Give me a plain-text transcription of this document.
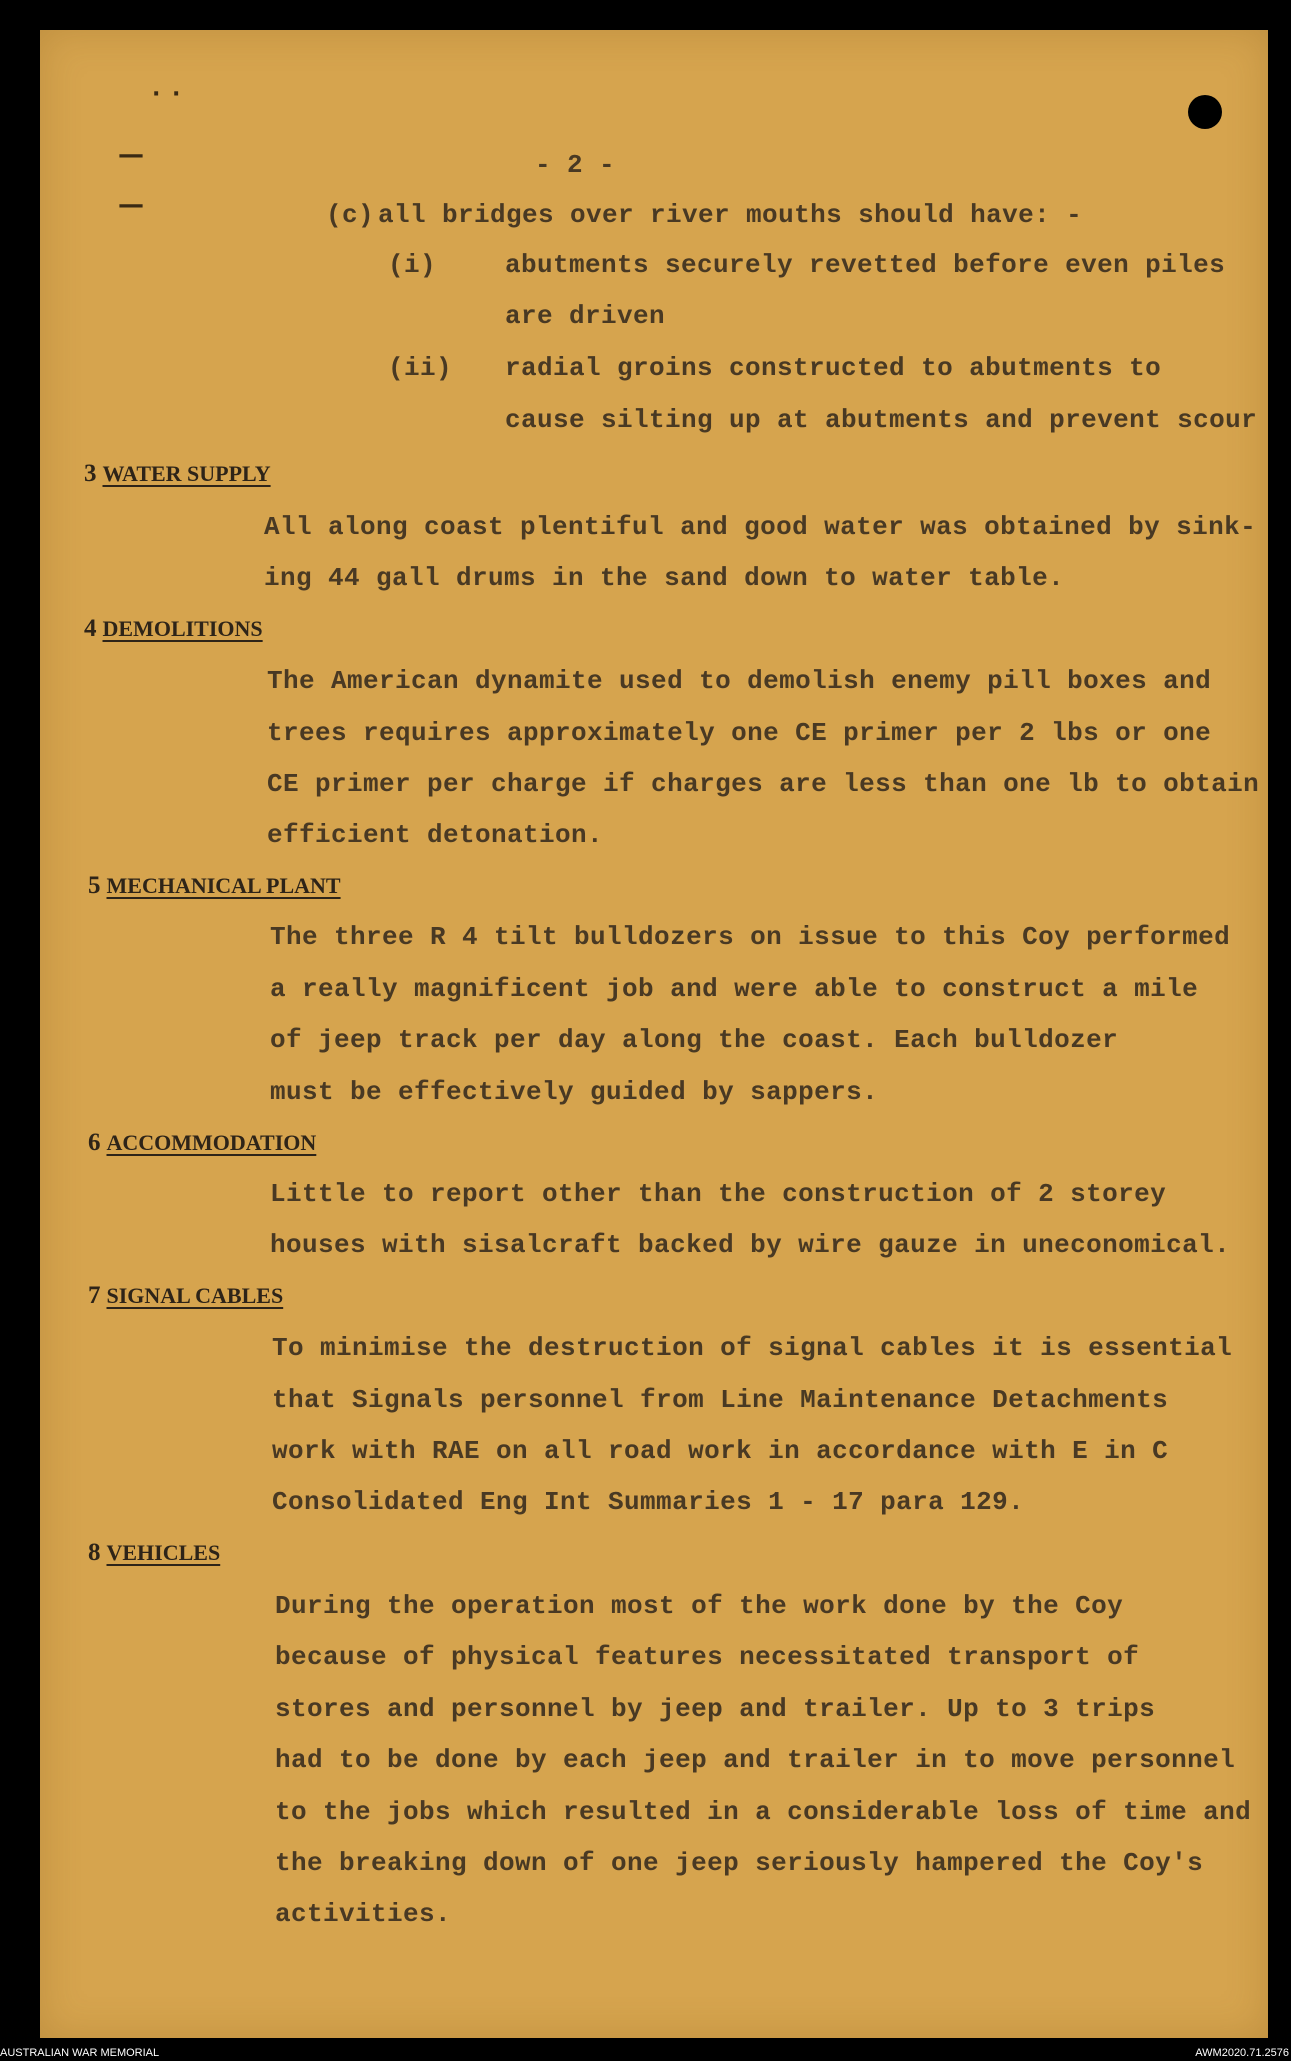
· ·
—
—
- 2 -
(c) all bridges over river mouths should have: -
(i)	abutments securely revetted before even piles
are driven
(ii) radial groins constructed to abutments to
cause silting up at abutments and prevent scour
3 WATER SUPPLY
All along coast plentiful and good water was obtained by sink-
ing 44 gall drums in the sand down to water table.
4 DEMOLITIONS
The American dynamite used to demolish enemy pill boxes and
trees requires approximately one CE primer per 2 lbs or one
CE primer per charge if charges are less than one lb to obtain
efficient detonation.
5 MECHANICAL PLANT
The three R 4 tilt bulldozers on issue to this Coy performed
a really magnificent job and were able to construct a mile
of jeep track per day along the coast. Each bulldozer
must be effectively guided by sappers.
6 ACCOMMODATION
Little to report other than the construction of 2 storey
houses with sisalcraft backed by wire gauze in uneconomical.
7 SIGNAL CABLES
To minimise the destruction of signal cables it is essential
that Signals personnel from Line Maintenance Detachments
work with RAE on all road work in accordance with E in C
Consolidated Eng Int Summaries 1 - 17 para 129.
8 VEHICLES
During the operation most of the work done by the Coy
because of physical features necessitated transport of
stores and personnel by jeep and trailer. Up to 3 trips
had to be done by each jeep and trailer in to move personnel
to the jobs which resulted in a considerable loss of time and
the breaking down of one jeep seriously hampered the Coy's
activities.
AUSTRALIAN WAR MEMORIAL	AWM2020.71.2576
